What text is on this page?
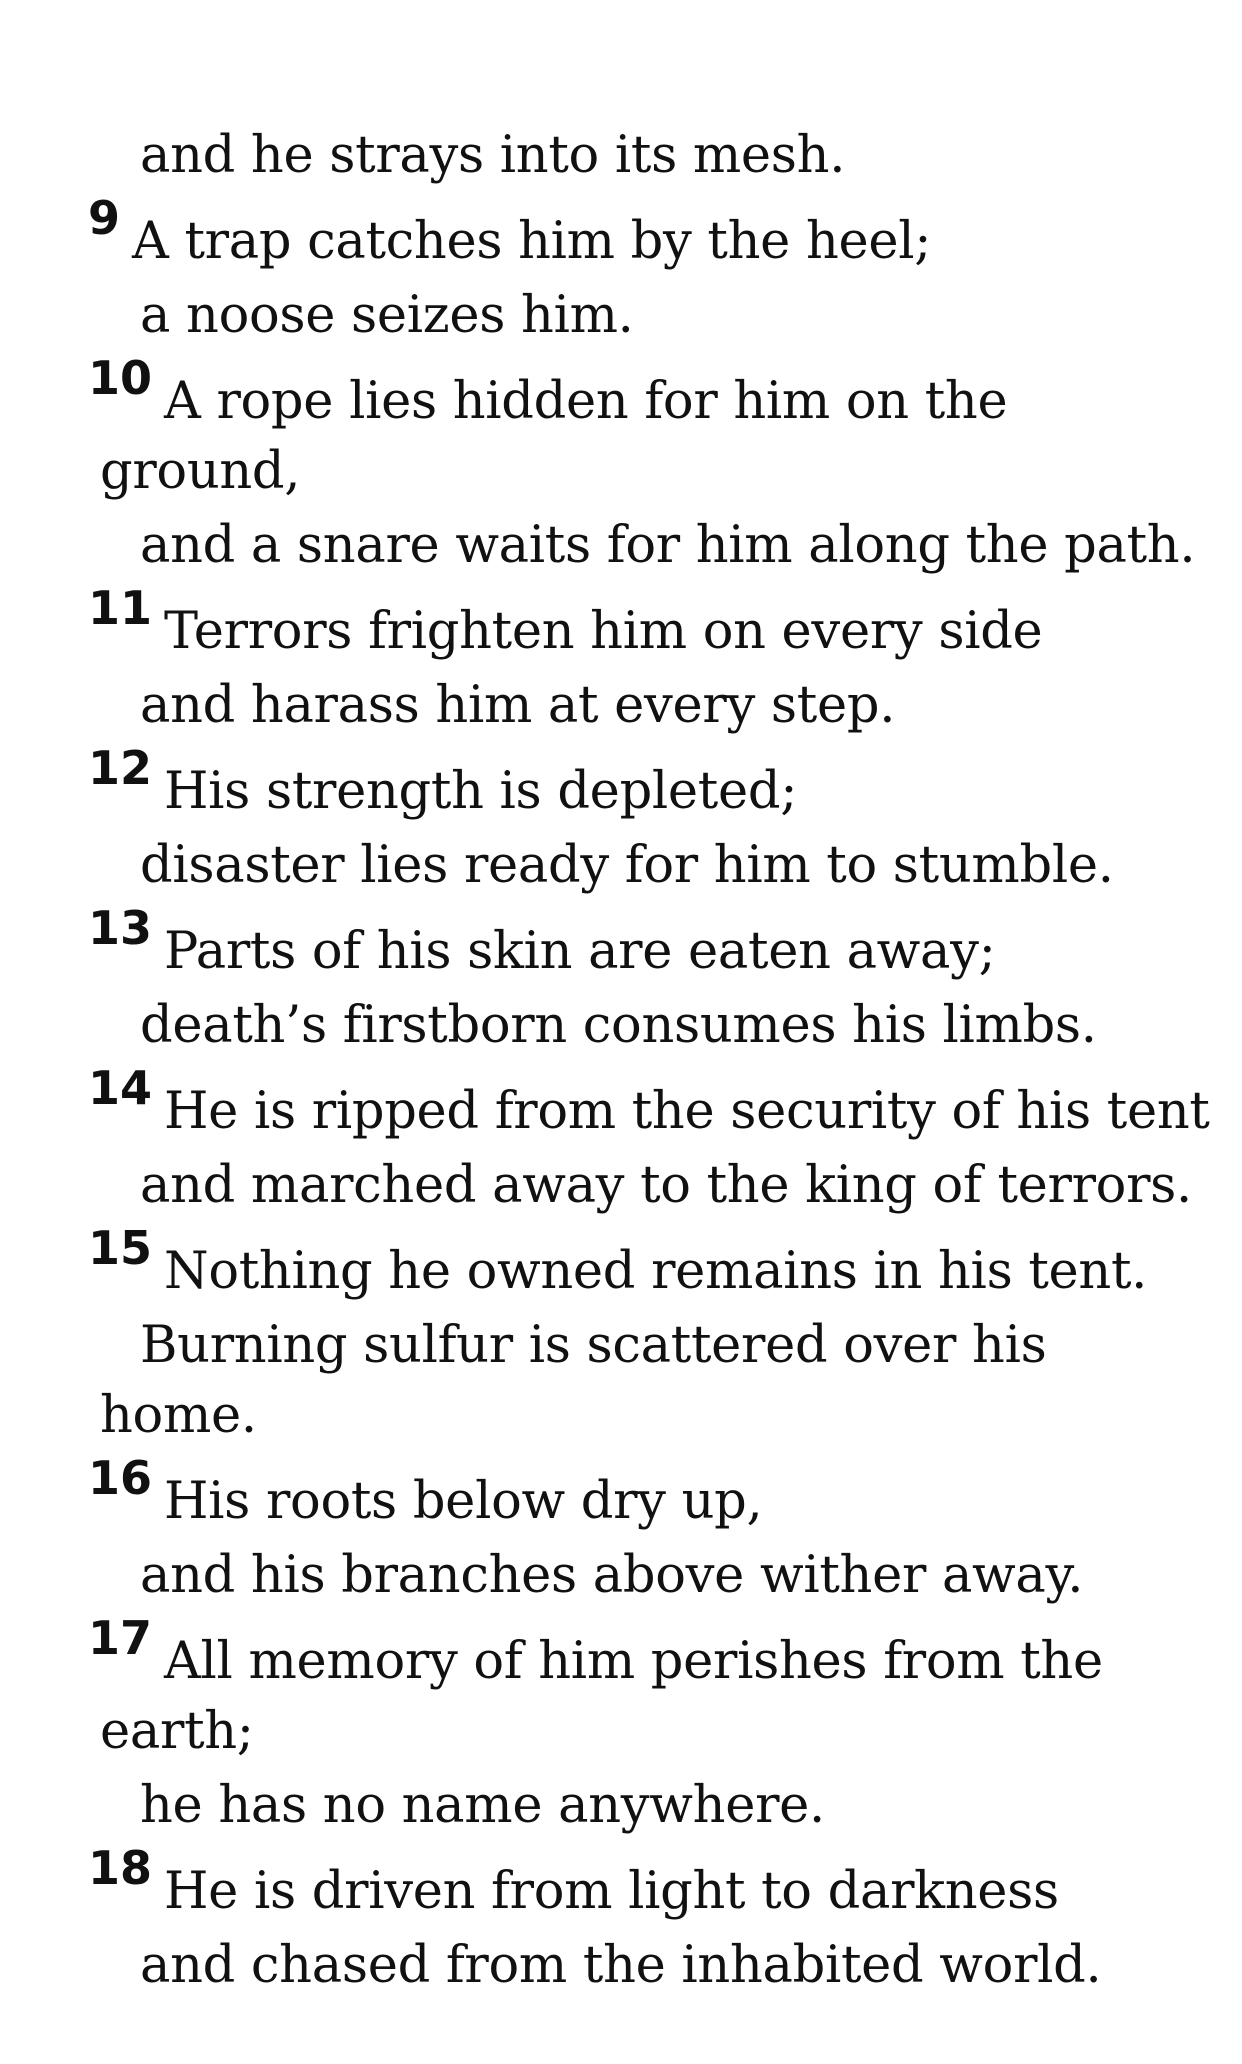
and he strays into its mesh.
9 A trap catches him by the heel;
a noose seizes him.
10 A rope lies hidden for him on the
ground,
and a snare waits for him along the path.
11 Terrors frighten him on every side
and harass him at every step.
12 His strength is depleted;
disaster lies ready for him to stumble.
13 Parts of his skin are eaten away;
death’s firstborn consumes his limbs.
14 He is ripped from the security of his tent
and marched away to the king of terrors.
15 Nothing he owned remains in his tent.
Burning sulfur is scattered over his
home.
16 His roots below dry up,
and his branches above wither away.
17 All memory of him perishes from the
earth;
he has no name anywhere.
18 He is driven from light to darkness
and chased from the inhabited world.
